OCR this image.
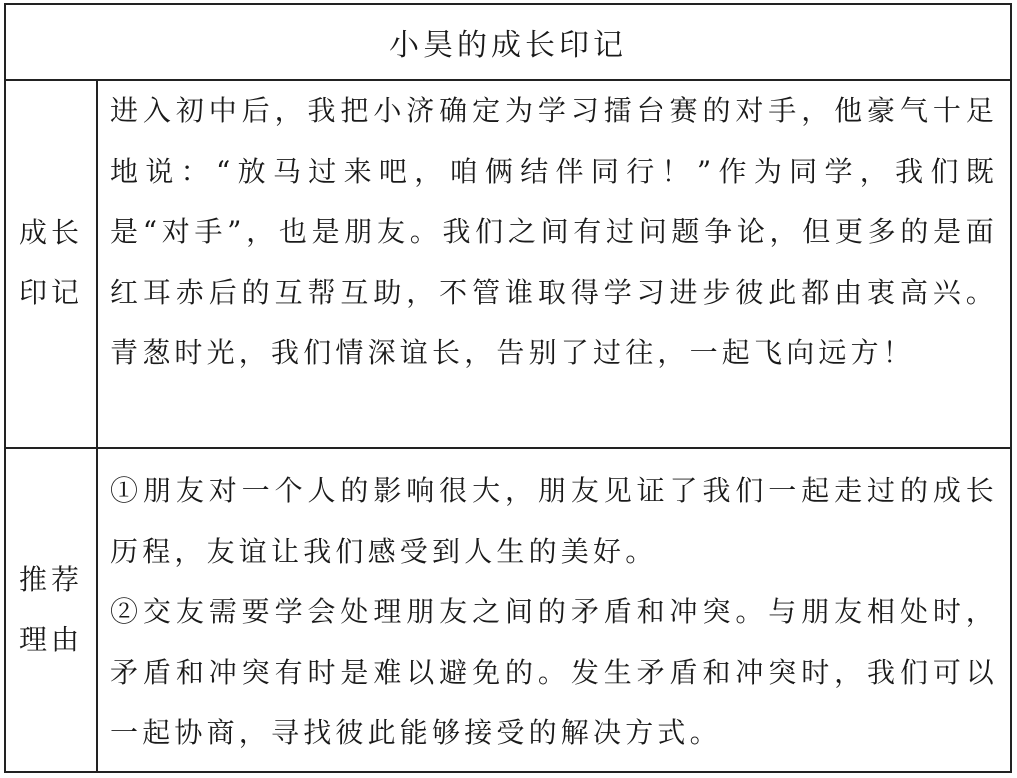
小昊的成长印记
成长
印记
进入初中后，我把小济确定为学习擂台赛的对手，他豪气十足地说：“放马过来吧，咱俩结伴同行！”作为同学，我们既是“对手”，也是朋友。我们之间有过问题争论，但更多的是面红耳赤后的互帮互助，不管谁取得学习进步彼此都由衷高兴。青葱时光，我们情深谊长，告别了过往，一起飞向远方！
推荐
理由
①朋友对一个人的影响很大，朋友见证了我们一起走过的成长历程，友谊让我们感受到人生的美好。
②交友需要学会处理朋友之间的矛盾和冲突。与朋友相处时，矛盾和冲突有时是难以避免的。发生矛盾和冲突时，我们可以一起协商，寻找彼此能够接受的解决方式。
